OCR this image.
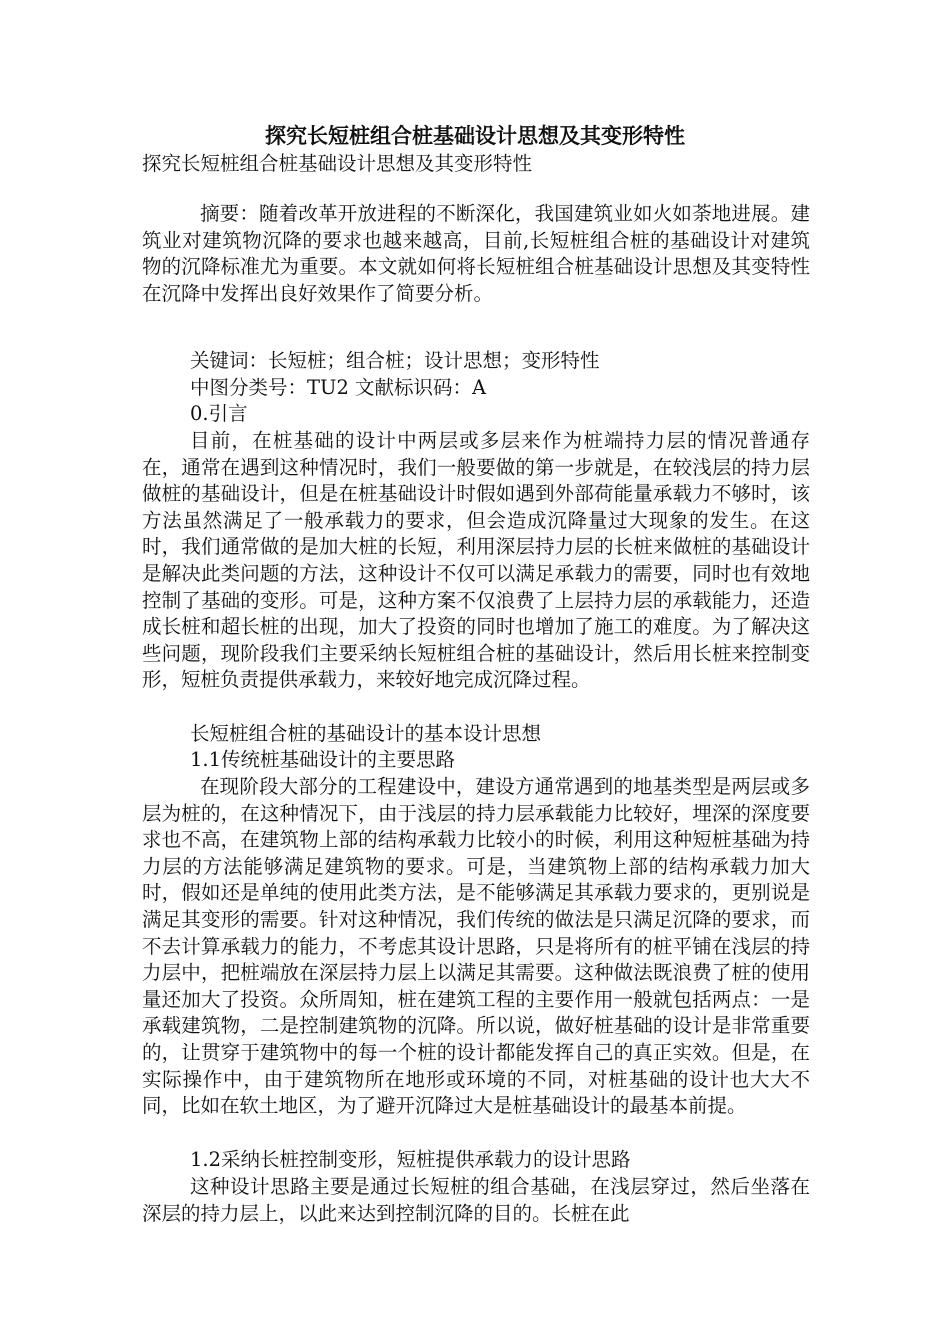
探究长短桩组合桩基础设计思想及其变形特性

探究长短桩组合桩基础设计思想及其变形特性

摘要：随着改革开放进程的不断深化，我国建筑业如火如荼地进展。建筑业对建筑物沉降的要求也越来越高，目前,长短桩组合桩的基础设计对建筑物的沉降标准尤为重要。本文就如何将长短桩组合桩基础设计思想及其变特性在沉降中发挥出良好效果作了简要分析。

关键词：长短桩；组合桩；设计思想；变形特性

中图分类号：TU2 文献标识码：A

0.引言

目前，在桩基础的设计中两层或多层来作为桩端持力层的情况普通存在，通常在遇到这种情况时，我们一般要做的第一步就是，在较浅层的持力层做桩的基础设计，但是在桩基础设计时假如遇到外部荷能量承载力不够时，该方法虽然满足了一般承载力的要求，但会造成沉降量过大现象的发生。在这时，我们通常做的是加大桩的长短，利用深层持力层的长桩来做桩的基础设计是解决此类问题的方法，这种设计不仅可以满足承载力的需要，同时也有效地控制了基础的变形。可是，这种方案不仅浪费了上层持力层的承载能力，还造成长桩和超长桩的出现，加大了投资的同时也增加了施工的难度。为了解决这些问题，现阶段我们主要采纳长短桩组合桩的基础设计，然后用长桩来控制变形，短桩负责提供承载力，来较好地完成沉降过程。

长短桩组合桩的基础设计的基本设计思想

1.1传统桩基础设计的主要思路

在现阶段大部分的工程建设中，建设方通常遇到的地基类型是两层或多层为桩的，在这种情况下，由于浅层的持力层承载能力比较好，埋深的深度要求也不高，在建筑物上部的结构承载力比较小的时候，利用这种短桩基础为持力层的方法能够满足建筑物的要求。可是，当建筑物上部的结构承载力加大时，假如还是单纯的使用此类方法，是不能够满足其承载力要求的，更别说是满足其变形的需要。针对这种情况，我们传统的做法是只满足沉降的要求，而不去计算承载力的能力，不考虑其设计思路，只是将所有的桩平铺在浅层的持力层中，把桩端放在深层持力层上以满足其需要。这种做法既浪费了桩的使用量还加大了投资。众所周知，桩在建筑工程的主要作用一般就包括两点：一是承载建筑物，二是控制建筑物的沉降。所以说，做好桩基础的设计是非常重要的，让贯穿于建筑物中的每一个桩的设计都能发挥自己的真正实效。但是，在实际操作中，由于建筑物所在地形或环境的不同，对桩基础的设计也大大不同，比如在软土地区，为了避开沉降过大是桩基础设计的最基本前提。

1.2采纳长桩控制变形，短桩提供承载力的设计思路

这种设计思路主要是通过长短桩的组合基础，在浅层穿过，然后坐落在深层的持力层上，以此来达到控制沉降的目的。长桩在此
